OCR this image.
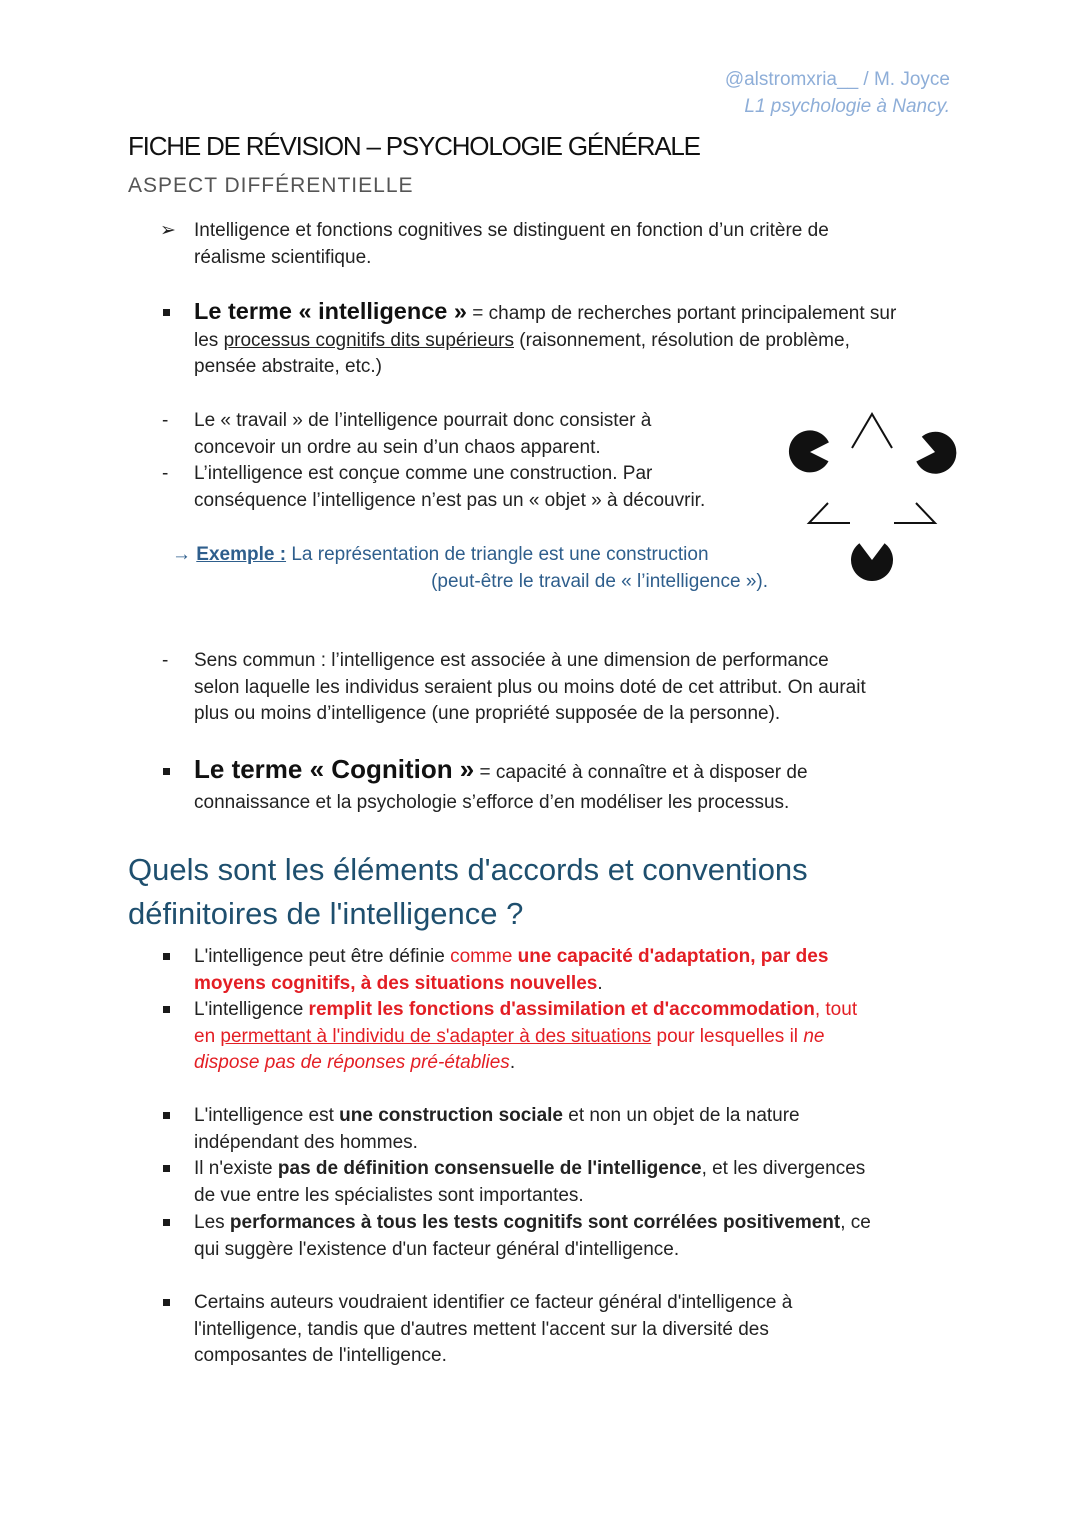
@alstromxria__ / M. Joyce
L1 psychologie à Nancy.
FICHE DE RÉVISION – PSYCHOLOGIE GÉNÉRALE
ASPECT DIFFÉRENTIELLE
➢ Intelligence et fonctions cognitives se distinguent en fonction d’un critère de
réalisme scientifique.
Le terme « intelligence » = champ de recherches portant principalement sur
les processus cognitifs dits supérieurs (raisonnement, résolution de problème,
pensée abstraite, etc.)
- Le « travail » de l’intelligence pourrait donc consister à
concevoir un ordre au sein d’un chaos apparent.
- L’intelligence est conçue comme une construction. Par
conséquence l’intelligence n’est pas un « objet » à découvrir.
→ Exemple : La représentation de triangle est une construction
(peut-être le travail de « l’intelligence »).
- Sens commun : l’intelligence est associée à une dimension de performance
selon laquelle les individus seraient plus ou moins doté de cet attribut. On aurait
plus ou moins d’intelligence (une propriété supposée de la personne).
Le terme « Cognition » = capacité à connaître et à disposer de
connaissance et la psychologie s’efforce d’en modéliser les processus.
Quels sont les éléments d'accords et conventions
définitoires de l'intelligence ?
L'intelligence peut être définie comme une capacité d'adaptation, par des
moyens cognitifs, à des situations nouvelles.
L'intelligence remplit les fonctions d'assimilation et d'accommodation, tout
en permettant à l'individu de s'adapter à des situations pour lesquelles il ne
dispose pas de réponses pré-établies.
L'intelligence est une construction sociale et non un objet de la nature
indépendant des hommes.
Il n'existe pas de définition consensuelle de l'intelligence, et les divergences
de vue entre les spécialistes sont importantes.
Les performances à tous les tests cognitifs sont corrélées positivement, ce
qui suggère l'existence d'un facteur général d'intelligence.
Certains auteurs voudraient identifier ce facteur général d'intelligence à
l'intelligence, tandis que d'autres mettent l'accent sur la diversité des
composantes de l'intelligence.
